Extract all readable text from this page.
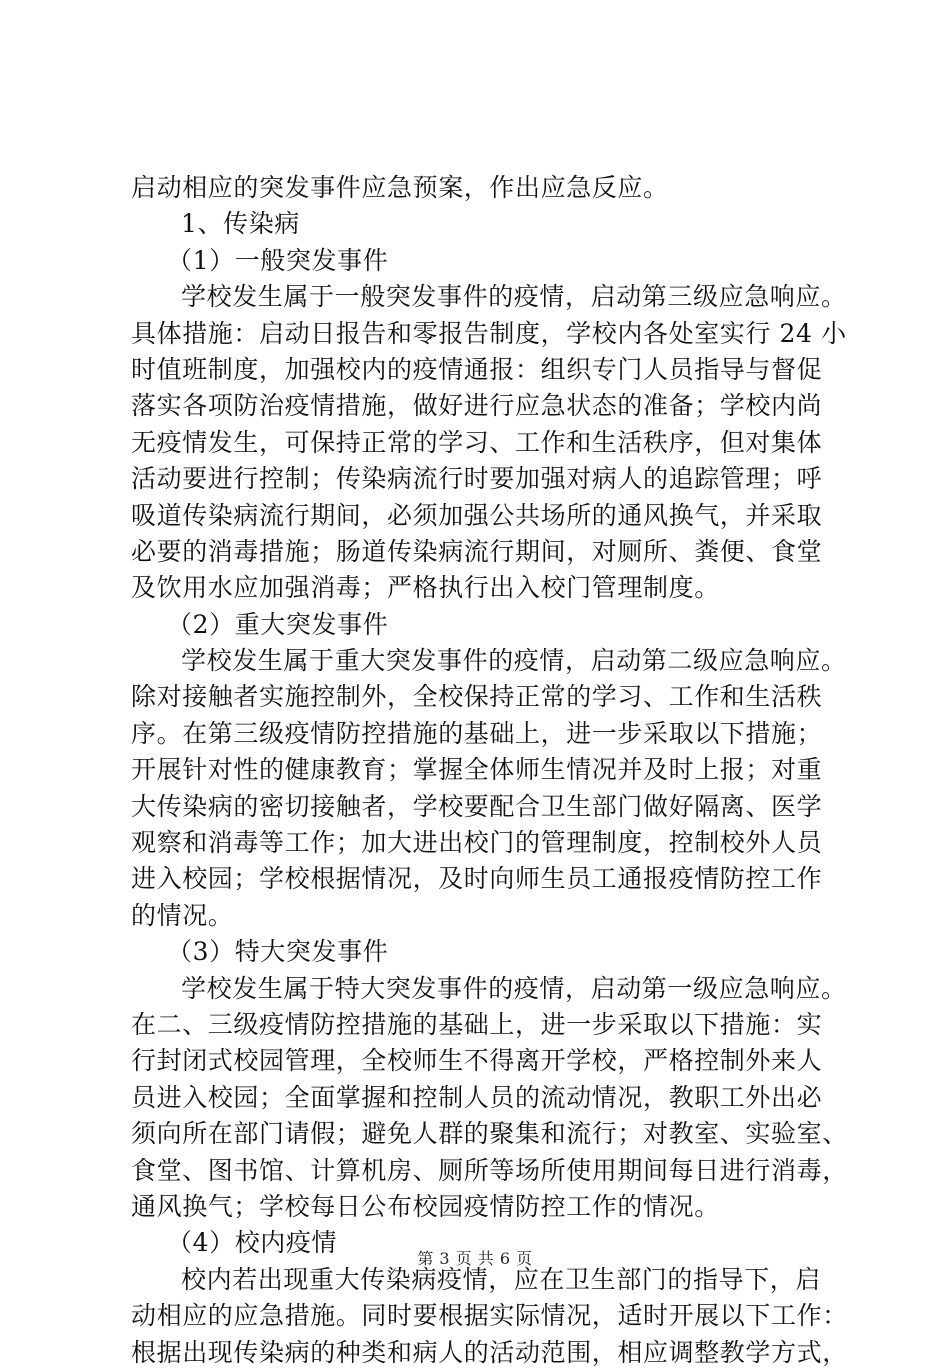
启动相应的突发事件应急预案，作出应急反应。
1、传染病
（1）一般突发事件
学校发生属于一般突发事件的疫情，启动第三级应急响应。
具体措施：启动日报告和零报告制度，学校内各处室实行 24 小
时值班制度，加强校内的疫情通报：组织专门人员指导与督促
落实各项防治疫情措施，做好进行应急状态的准备；学校内尚
无疫情发生，可保持正常的学习、工作和生活秩序，但对集体
活动要进行控制；传染病流行时要加强对病人的追踪管理；呼
吸道传染病流行期间，必须加强公共场所的通风换气，并采取
必要的消毒措施；肠道传染病流行期间，对厕所、粪便、食堂
及饮用水应加强消毒；严格执行出入校门管理制度。
（2）重大突发事件
学校发生属于重大突发事件的疫情，启动第二级应急响应。
除对接触者实施控制外，全校保持正常的学习、工作和生活秩
序。在第三级疫情防控措施的基础上，进一步采取以下措施；
开展针对性的健康教育；掌握全体师生情况并及时上报；对重
大传染病的密切接触者，学校要配合卫生部门做好隔离、医学
观察和消毒等工作；加大进出校门的管理制度，控制校外人员
进入校园；学校根据情况，及时向师生员工通报疫情防控工作
的情况。
（3）特大突发事件
学校发生属于特大突发事件的疫情，启动第一级应急响应。
在二、三级疫情防控措施的基础上，进一步采取以下措施：实
行封闭式校园管理，全校师生不得离开学校，严格控制外来人
员进入校园；全面掌握和控制人员的流动情况，教职工外出必
须向所在部门请假；避免人群的聚集和流行；对教室、实验室、
食堂、图书馆、计算机房、厕所等场所使用期间每日进行消毒，
通风换气；学校每日公布校园疫情防控工作的情况。
（4）校内疫情
校内若出现重大传染病疫情，应在卫生部门的指导下，启
动相应的应急措施。同时要根据实际情况，适时开展以下工作：
根据出现传染病的种类和病人的活动范围，相应调整教学方式，
第 3 页 共 6 页
